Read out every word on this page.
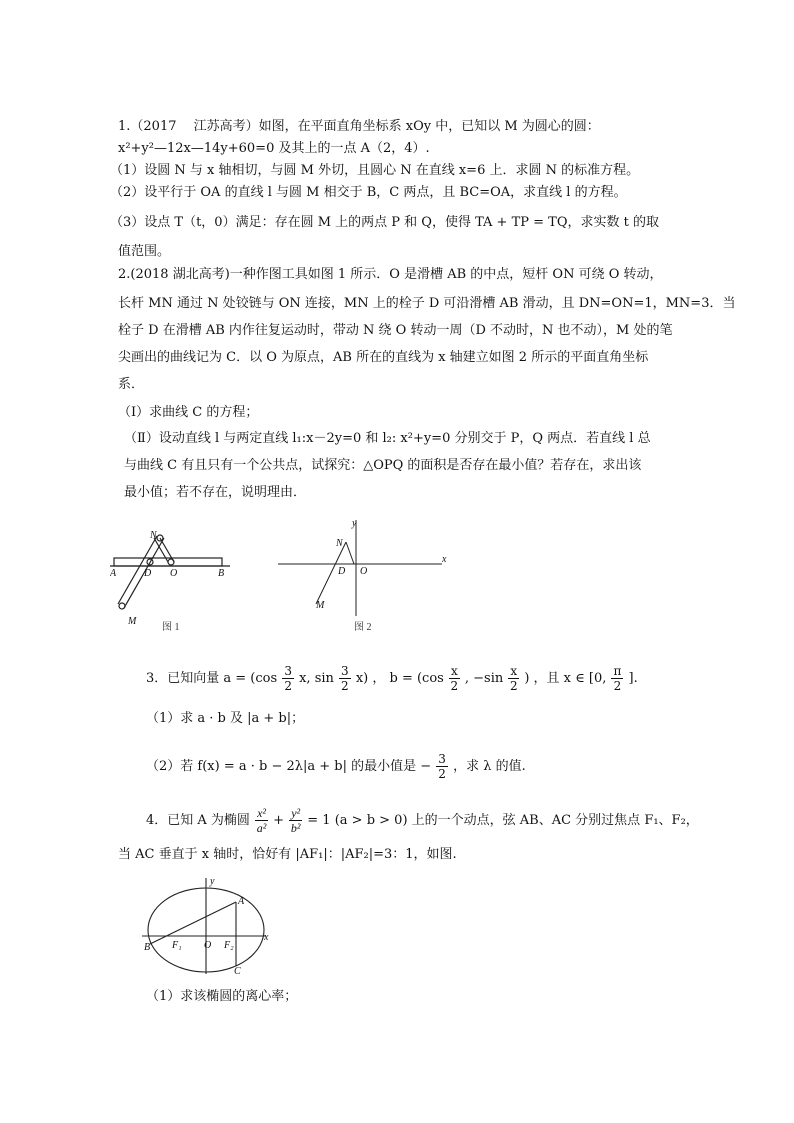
1.（2017　 江苏高考）如图，在平面直角坐标系 xOy 中，已知以 M 为圆心的圆：
x²+y²—12x—14y+60=0 及其上的一点 A（2，4）.
（1）设圆 N 与 x 轴相切，与圆 M 外切，且圆心 N 在直线 x=6 上．求圆 N 的标准方程。
（2）设平行于 OA 的直线 l 与圆 M 相交于 B，C 两点，且 BC=OA，求直线 l 的方程。
（3）设点 T（t，0）满足：存在圆 M 上的两点 P 和 Q，使得 TA + TP = TQ，求实数 t 的取
值范围。
2.(2018 湖北高考)一种作图工具如图 1 所示．O 是滑槽 AB 的中点，短杆 ON 可绕 O 转动，
长杆 MN 通过 N 处铰链与 ON 连接，MN 上的栓子 D 可沿滑槽 AB 滑动，且 DN=ON=1，MN=3．当
栓子 D 在滑槽 AB 内作往复运动时，带动 N 绕 O 转动一周（D 不动时，N 也不动），M 处的笔
尖画出的曲线记为 C．以 O 为原点，AB 所在的直线为 x 轴建立如图 2 所示的平面直角坐标
系．
（Ⅰ）求曲线 C 的方程；
（Ⅱ）设动直线 l 与两定直线 l₁:x－2y=0 和 l₂: x²+y=0 分别交于 P，Q 两点．若直线 l 总
与曲线 C 有且只有一个公共点，试探究：△OPQ 的面积是否存在最小值？若存在，求出该
最小值；若不存在，说明理由．
A
N
D O	B
M
图 1
y
N
D O
x
M
图 2
3．已知向量 $a = (\cos \frac{3}{2} x$, $\sin \frac{3}{2} x$) ， $b = (\cos \frac{x}{2}$ , $-\sin \frac{x}{2}$ ) ，且 x ∈ [0, $\frac{\pi}{2}$ ].
（1）求 a · b 及 |a + b|；
（2）若 f(x) = a · b − 2λ|a + b| 的最小值是 − $\frac{3}{2}$ ，求 λ 的值.
4．已知 A 为椭圆 $\frac{\text{x²}}{\text{a²}} + \frac{\text{y²}}{\text{b²}} = 1$ (a > b > 0) 上的一个动点，弦 AB、AC 分别过焦点 F₁、F₂，
当 AC 垂直于 x 轴时，恰好有 |AF₁|：|AF₂|=3：1，如图.
y
A
B F₁ O F₂
C
x
（1）求该椭圆的离心率；
